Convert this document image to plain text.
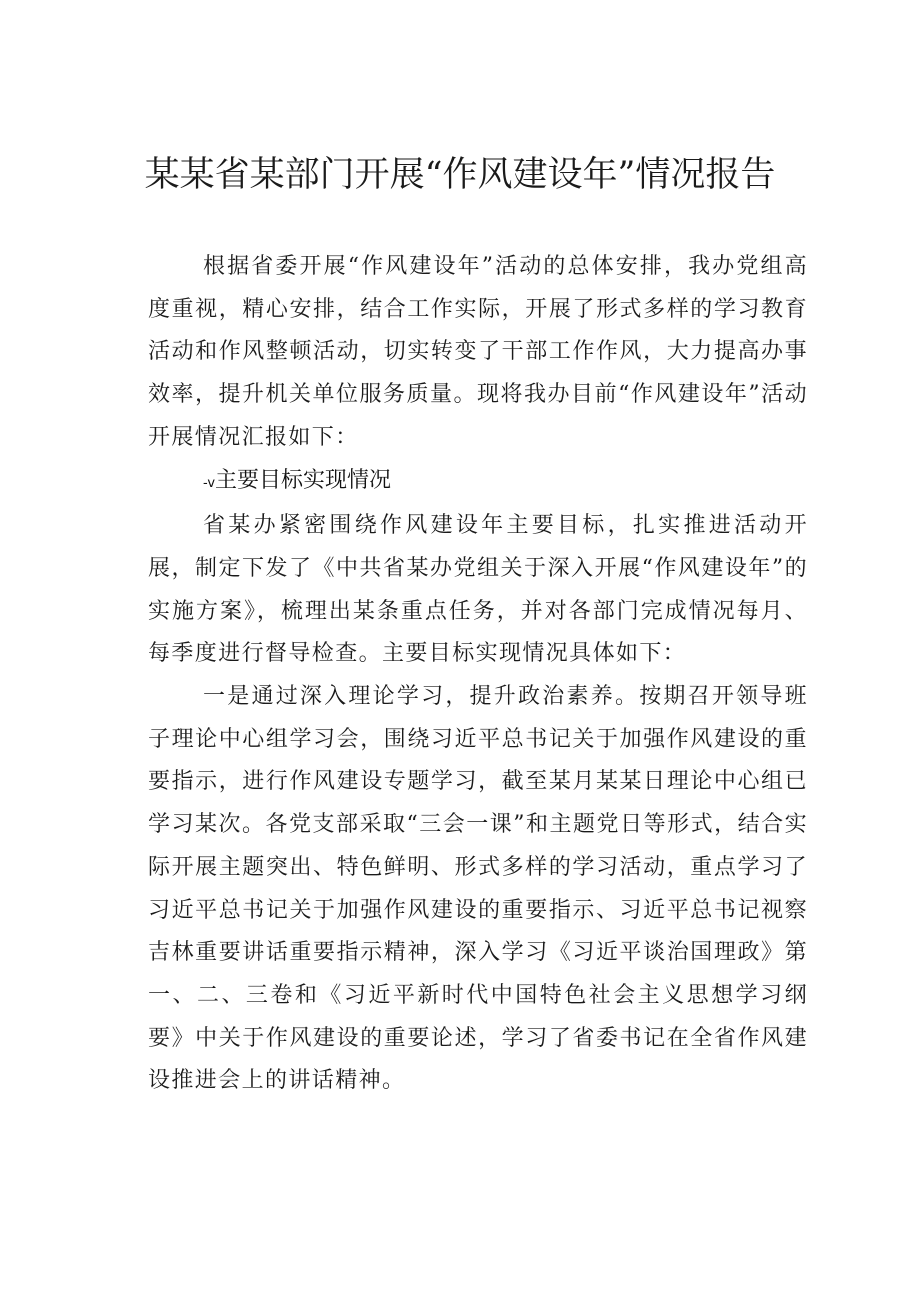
某某省某部门开展“作风建设年”情况报告

根据省委开展“作风建设年”活动的总体安排，我办党组高度重视，精心安排，结合工作实际，开展了形式多样的学习教育活动和作风整顿活动，切实转变了干部工作作风，大力提高办事效率，提升机关单位服务质量。现将我办目前“作风建设年”活动开展情况汇报如下：

-v主要目标实现情况

省某办紧密围绕作风建设年主要目标，扎实推进活动开展，制定下发了《中共省某办党组关于深入开展“作风建设年”的实施方案》，梳理出某条重点任务，并对各部门完成情况每月、每季度进行督导检查。主要目标实现情况具体如下：

一是通过深入理论学习，提升政治素养。按期召开领导班子理论中心组学习会，围绕习近平总书记关于加强作风建设的重要指示，进行作风建设专题学习，截至某月某某日理论中心组已学习某次。各党支部采取“三会一课”和主题党日等形式，结合实际开展主题突出、特色鲜明、形式多样的学习活动，重点学习了习近平总书记关于加强作风建设的重要指示、习近平总书记视察吉林重要讲话重要指示精神，深入学习《习近平谈治国理政》第一、二、三卷和《习近平新时代中国特色社会主义思想学习纲要》中关于作风建设的重要论述，学习了省委书记在全省作风建设推进会上的讲话精神。
